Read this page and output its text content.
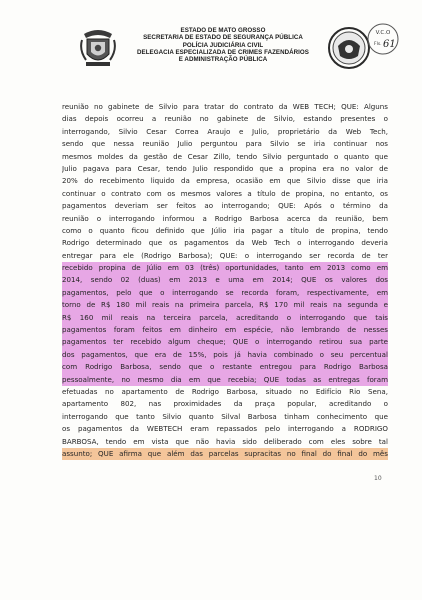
ESTADO DE MATO GROSSO
SECRETARIA DE ESTADO DE SEGURANÇA PÚBLICA
POLÍCIA JUDICIÁRIA CIVIL
DELEGACIA ESPECIALIZADA DE CRIMES FAZENDÁRIOS
E ADMINISTRAÇÃO PÚBLICA
V.C.O
Fls. 61
reunião no gabinete de Silvio para tratar do contrato da WEB TECH; QUE: Alguns
dias depois ocorreu a reunião no gabinete de Silvio, estando presentes o
interrogando, Silvio Cesar Correa Araujo e Julio, proprietário da Web Tech,
sendo que nessa reunião Julio perguntou para Silvio se iria continuar nos
mesmos moldes da gestão de Cesar Zillo, tendo Silvio perguntado o quanto que
Julio pagava para Cesar, tendo Julio respondido que a propina era no valor de
20% do recebimento liquido da empresa, ocasião em que Silvio disse que iria
continuar o contrato com os mesmos valores a título de propina, no entanto, os
pagamentos deveriam ser feitos ao interrogando; QUE: Após o término da
reunião o interrogando informou a Rodrigo Barbosa acerca da reunião, bem
como o quanto ficou definido que Júlio iria pagar a título de propina, tendo
Rodrigo determinado que os pagamentos da Web Tech o interrogando deveria
entregar para ele (Rodrigo Barbosa); QUE: o interrogando ser recorda de ter
recebido propina de Júlio em 03 (três) oportunidades, tanto em 2013 como em
2014, sendo 02 (duas) em 2013 e uma em 2014; QUE os valores dos
pagamentos, pelo que o interrogando se recorda foram, respectivamente, em
torno de R$ 180 mil reais na primeira parcela, R$ 170 mil reais na segunda e
R$ 160 mil reais na terceira parcela, acreditando o interrogando que tais
pagamentos foram feitos em dinheiro em espécie, não lembrando de nesses
pagamentos ter recebido algum cheque; QUE o interrogando retirou sua parte
dos pagamentos, que era de 15%, pois já havia combinado o seu percentual
com Rodrigo Barbosa, sendo que o restante entregou para Rodrigo Barbosa
pessoalmente, no mesmo dia em que recebia; QUE todas as entregas foram
efetuadas no apartamento de Rodrigo Barbosa, situado no Edifício Rio Sena,
apartamento 802, nas proximidades da praça popular, acreditando o
interrogando que tanto Silvio quanto Silval Barbosa tinham conhecimento que
os pagamentos da WEBTECH eram repassados pelo interrogando a RODRIGO
BARBOSA, tendo em vista que não havia sido deliberado com eles sobre tal
assunto; QUE afirma que além das parcelas supracitas no final do final do mês
10
